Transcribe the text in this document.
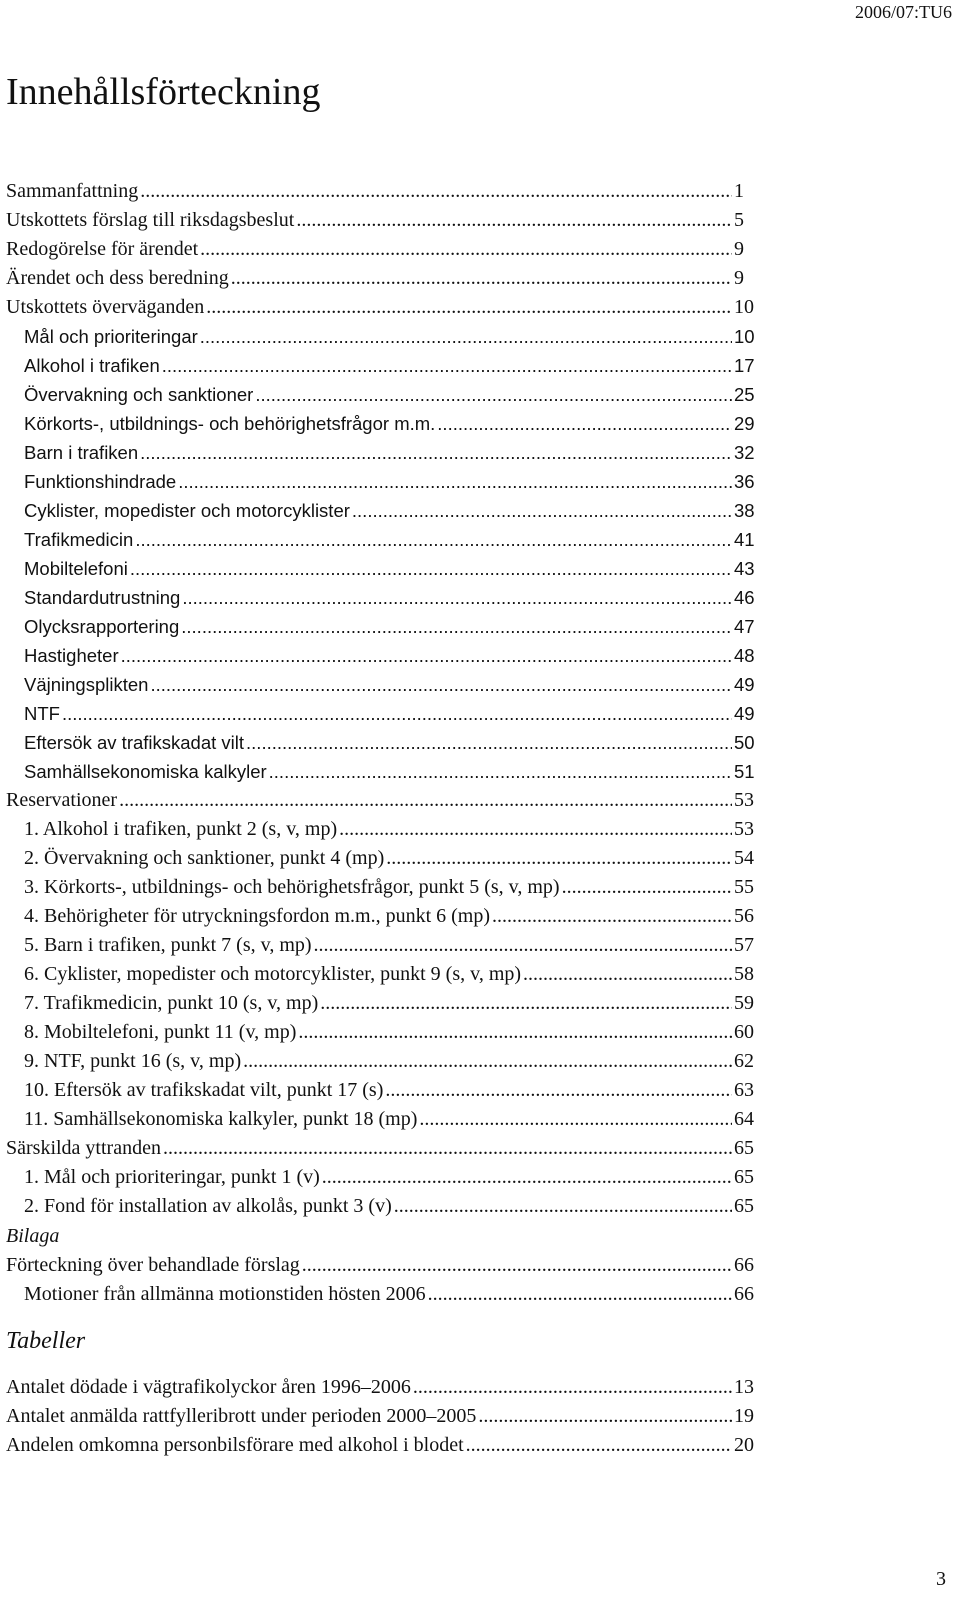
2006/07:TU6
Innehållsförteckning
Sammanfattning .....	1
Utskottets förslag till riksdagsbeslut .....	5
Redogörelse för ärendet .....	9
Ärendet och dess beredning .....	9
Utskottets överväganden .....	10
Mål och prioriteringar .....	10
Alkohol i trafiken .....	17
Övervakning och sanktioner .....	25
Körkorts-, utbildnings- och behörighetsfrågor m.m. .....	29
Barn i trafiken .....	32
Funktionshindrade .....	36
Cyklister, mopedister och motorcyklister .....	38
Trafikmedicin .....	41
Mobiltelefoni .....	43
Standardutrustning .....	46
Olycksrapportering .....	47
Hastigheter .....	48
Väjningsplikten .....	49
NTF .....	49
Eftersök av trafikskadat vilt .....	50
Samhällsekonomiska kalkyler .....	51
Reservationer .....	53
1. Alkohol i trafiken, punkt 2 (s, v, mp) .....	53
2. Övervakning och sanktioner, punkt 4 (mp) .....	54
3. Körkorts-, utbildnings- och behörighetsfrågor, punkt 5 (s, v, mp) .....	55
4. Behörigheter för utryckningsfordon m.m., punkt 6 (mp) .....	56
5. Barn i trafiken, punkt 7 (s, v, mp) .....	57
6. Cyklister, mopedister och motorcyklister, punkt 9 (s, v, mp) .....	58
7. Trafikmedicin, punkt 10 (s, v, mp) .....	59
8. Mobiltelefoni, punkt 11 (v, mp) .....	60
9. NTF, punkt 16 (s, v, mp) .....	62
10. Eftersök av trafikskadat vilt, punkt 17 (s) .....	63
11. Samhällsekonomiska kalkyler, punkt 18 (mp) .....	64
Särskilda yttranden .....	65
1. Mål och prioriteringar, punkt 1 (v) .....	65
2. Fond för installation av alkolås, punkt 3 (v) .....	65
Bilaga
Förteckning över behandlade förslag .....	66
Motioner från allmänna motionstiden hösten 2006 .....	66
Tabeller
Antalet dödade i vägtrafikolyckor åren 1996–2006 .....	13
Antalet anmälda rattfylleribrott under perioden 2000–2005 .....	19
Andelen omkomna personbilsförare med alkohol i blodet .....	20
3
